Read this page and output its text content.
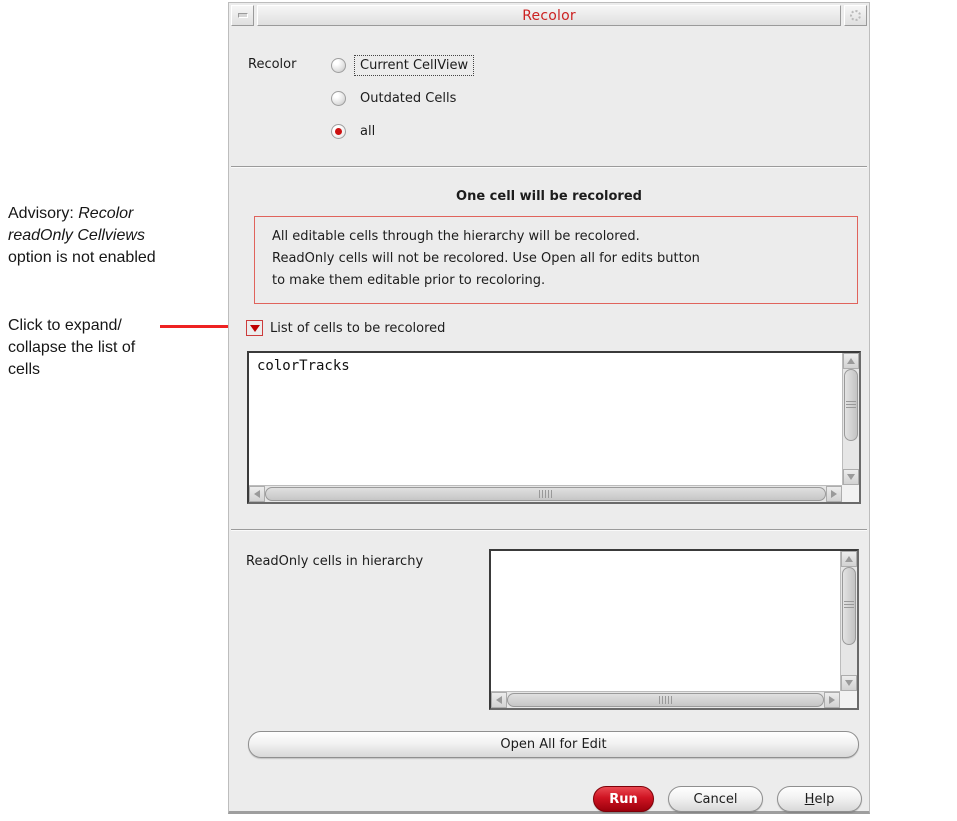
Advisory: Recolor
readOnly Cellviews
option is not enabled
Click to expand/
collapse the list of
cells
Recolor
Recolor	Current CellView
Outdated Cells
all
One cell will be recolored
All editable cells through the hierarchy will be recolored.
ReadOnly cells will not be recolored. Use Open all for edits button
to make them editable prior to recoloring.
List of cells to be recolored
colorTracks
ReadOnly cells in hierarchy
Open All for Edit
Run	Cancel	H elp
